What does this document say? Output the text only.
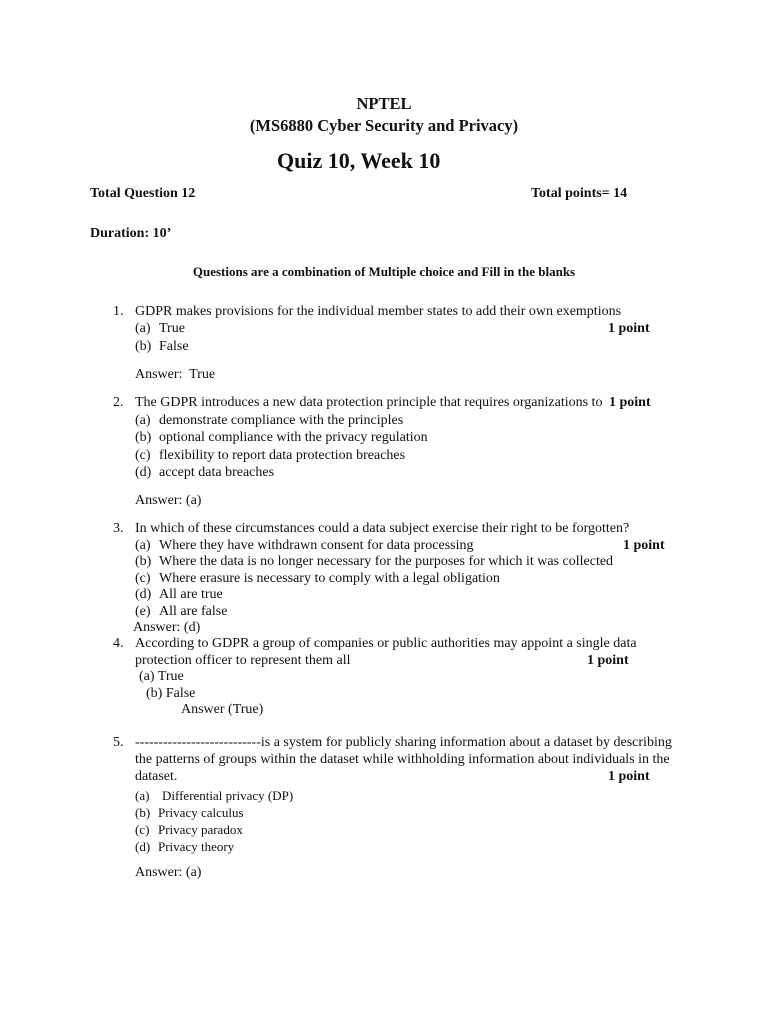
NPTEL
(MS6880 Cyber Security and Privacy)
Quiz 10, Week 10
Total Question 12	Total points= 14
Duration: 10’
Questions are a combination of Multiple choice and Fill in the blanks
1. GDPR makes provisions for the individual member states to add their own exemptions
1 point
(a) True
(b) False
Answer:  True
2. The GDPR introduces a new data protection principle that requires organizations to 1 point
(a) demonstrate compliance with the principles
(b) optional compliance with the privacy regulation
(c) flexibility to report data protection breaches
(d) accept data breaches
Answer: (a)
3. In which of these circumstances could a data subject exercise their right to be forgotten?
1 point
(a) Where they have withdrawn consent for data processing
(b) Where the data is no longer necessary for the purposes for which it was collected
(c) Where erasure is necessary to comply with a legal obligation
(d) All are true
(e) All are false
Answer: (d)
4. According to GDPR a group of companies or public authorities may appoint a single data
protection officer to represent them all	1 point
(a) True
(b) False
Answer (True)
5. ---------------------------is a system for publicly sharing information about a dataset by describing
the patterns of groups within the dataset while withholding information about individuals in the
dataset.	1 point
(a) Differential privacy (DP)
(b) Privacy calculus
(c) Privacy paradox
(d) Privacy theory
Answer: (a)
